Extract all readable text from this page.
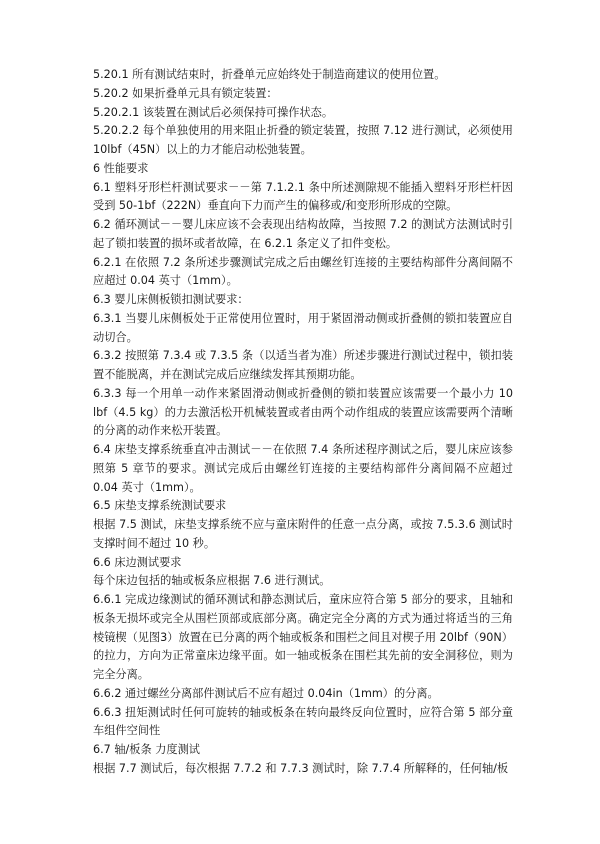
5.20.1 所有测试结束时，折叠单元应始终处于制造商建议的使用位置。

5.20.2 如果折叠单元具有锁定装置：

5.20.2.1 该装置在测试后必须保持可操作状态。

5.20.2.2 每个单独使用的用来阻止折叠的锁定装置，按照 7.12 进行测试，必须使用 10lbf（45N）以上的力才能启动松弛装置。

6 性能要求

6.1 塑料牙形栏杆测试要求－－第 7.1.2.1 条中所述测隙规不能插入塑料牙形栏杆因受到 50-1bf（222N）垂直向下力而产生的偏移或/和变形所形成的空隙。

6.2 循环测试－－婴儿床应该不会表现出结构故障，当按照 7.2 的测试方法测试时引起了锁扣装置的损坏或者故障，在 6.2.1 条定义了扣件变松。

6.2.1 在依照 7.2 条所述步骤测试完成之后由螺丝钉连接的主要结构部件分离间隔不应超过 0.04 英寸（1mm）。

6.3 婴儿床侧板锁扣测试要求：

6.3.1 当婴儿床侧板处于正常使用位置时，用于紧固滑动侧或折叠侧的锁扣装置应自动切合。

6.3.2 按照第 7.3.4 或 7.3.5 条（以适当者为准）所述步骤进行测试过程中，锁扣装置不能脱离，并在测试完成后应继续发挥其预期功能。

6.3.3 每一个用单一动作来紧固滑动侧或折叠侧的锁扣装置应该需要一个最小力 10 lbf（4.5 kg）的力去激活松开机械装置或者由两个动作组成的装置应该需要两个清晰的分离的动作来松开装置。

6.4 床垫支撑系统垂直冲击测试－－在依照 7.4 条所述程序测试之后，婴儿床应该参照第 5 章节的要求。测试完成后由螺丝钉连接的主要结构部件分离间隔不应超过 0.04 英寸（1mm）。

6.5 床垫支撑系统测试要求

根据 7.5 测试，床垫支撑系统不应与童床附件的任意一点分离，或按 7.5.3.6 测试时支撑时间不超过 10 秒。

6.6 床边测试要求

每个床边包括的轴或板条应根据 7.6 进行测试。

6.6.1 完成边缘测试的循环测试和静态测试后，童床应符合第 5 部分的要求，且轴和板条无损坏或完全从围栏顶部或底部分离。确定完全分离的方式为通过将适当的三角棱镜楔（见图3）放置在已分离的两个轴或板条和围栏之间且对楔子用 20lbf（90N）的拉力，方向为正常童床边缘平面。如一轴或板条在围栏其先前的安全洞移位，则为完全分离。

6.6.2 通过螺丝分离部件测试后不应有超过 0.04in（1mm）的分离。

6.6.3 扭矩测试时任何可旋转的轴或板条在转向最终反向位置时，应符合第 5 部分童车组件空间性

6.7 轴/板条 力度测试

根据 7.7 测试后，每次根据 7.7.2 和 7.7.3 测试时，除 7.7.4 所解释的，任何轴/板
